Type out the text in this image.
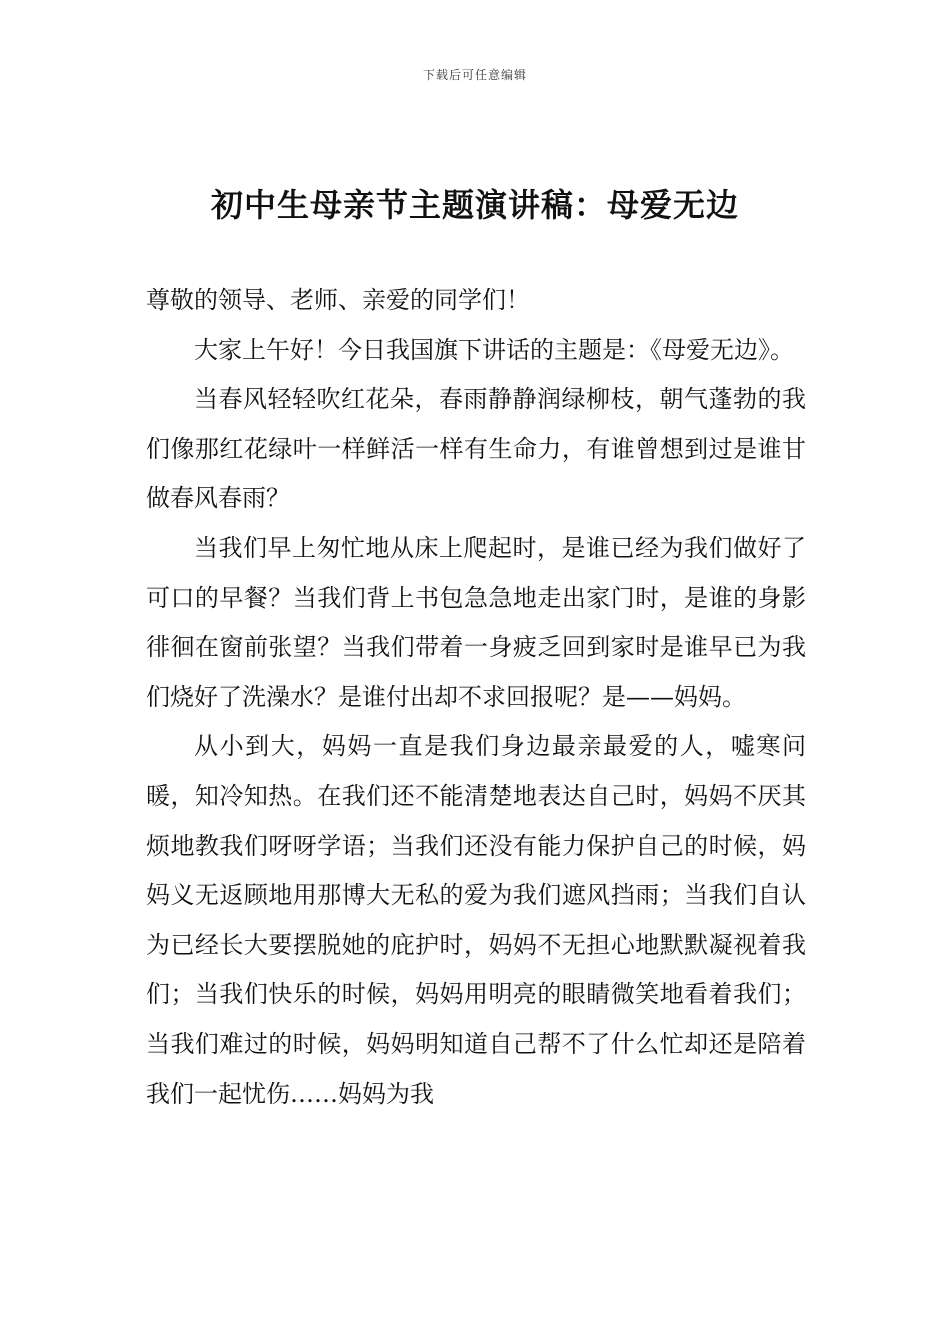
下载后可任意编辑
初中生母亲节主题演讲稿：母爱无边

尊敬的领导、老师、亲爱的同学们！

大家上午好！今日我国旗下讲话的主题是：《母爱无边》。

当春风轻轻吹红花朵，春雨静静润绿柳枝，朝气蓬勃的我们像那红花绿叶一样鲜活一样有生命力，有谁曾想到过是谁甘做春风春雨？

当我们早上匆忙地从床上爬起时，是谁已经为我们做好了可口的早餐？当我们背上书包急急地走出家门时，是谁的身影徘徊在窗前张望？当我们带着一身疲乏回到家时是谁早已为我们烧好了洗澡水？是谁付出却不求回报呢？是——妈妈。

从小到大，妈妈一直是我们身边最亲最爱的人，嘘寒问暖，知冷知热。在我们还不能清楚地表达自己时，妈妈不厌其烦地教我们呀呀学语；当我们还没有能力保护自己的时候，妈妈义无返顾地用那博大无私的爱为我们遮风挡雨；当我们自认为已经长大要摆脱她的庇护时，妈妈不无担心地默默凝视着我们；当我们快乐的时候，妈妈用明亮的眼睛微笑地看着我们；当我们难过的时候，妈妈明知道自己帮不了什么忙却还是陪着我们一起忧伤……妈妈为我
